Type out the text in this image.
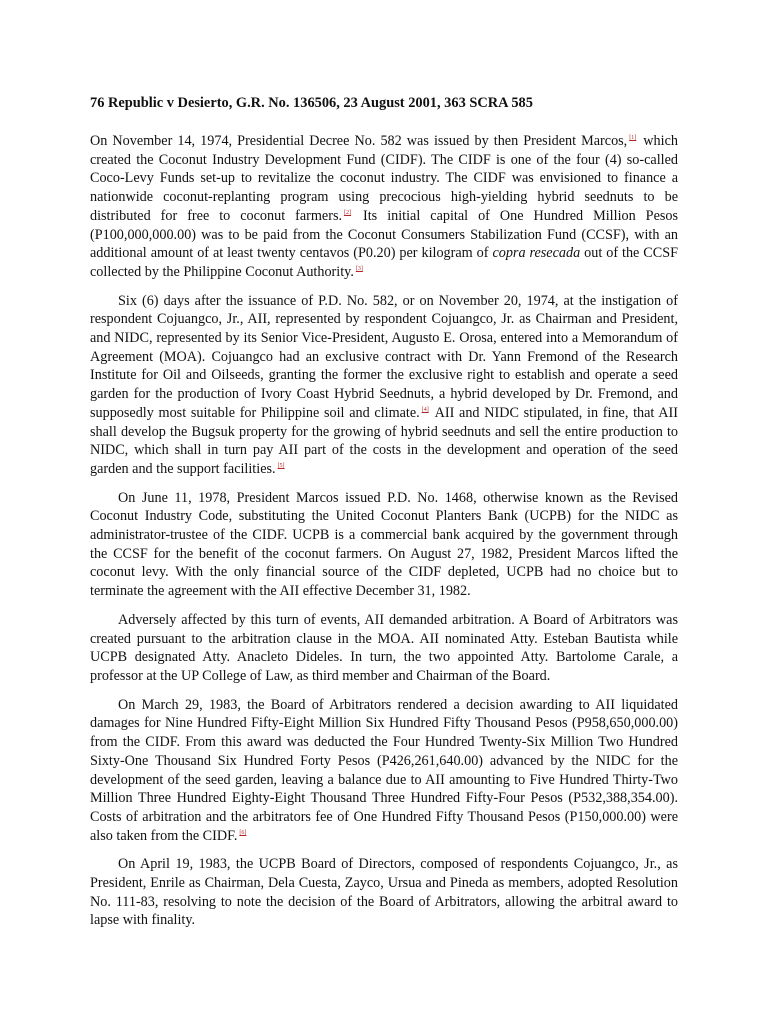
76 Republic v Desierto, G.R. No. 136506, 23 August 2001, 363 SCRA 585

On November 14, 1974, Presidential Decree No. 582 was issued by then President Marcos, [1] which created the Coconut Industry Development Fund (CIDF). The CIDF is one of the four (4) so-called Coco-Levy Funds set-up to revitalize the coconut industry. The CIDF was envisioned to finance a nationwide coconut-replanting program using precocious high-yielding hybrid seednuts to be distributed for free to coconut farmers. [2] Its initial capital of One Hundred Million Pesos (P100,000,000.00) was to be paid from the Coconut Consumers Stabilization Fund (CCSF), with an additional amount of at least twenty centavos (P0.20) per kilogram of copra resecada out of the CCSF collected by the Philippine Coconut Authority. [3]

Six (6) days after the issuance of P.D. No. 582, or on November 20, 1974, at the instigation of respondent Cojuangco, Jr., AII, represented by respondent Cojuangco, Jr. as Chairman and President, and NIDC, represented by its Senior Vice-President, Augusto E. Orosa, entered into a Memorandum of Agreement (MOA). Cojuangco had an exclusive contract with Dr. Yann Fremond of the Research Institute for Oil and Oilseeds, granting the former the exclusive right to establish and operate a seed garden for the production of Ivory Coast Hybrid Seednuts, a hybrid developed by Dr. Fremond, and supposedly most suitable for Philippine soil and climate. [4] AII and NIDC stipulated, in fine, that AII shall develop the Bugsuk property for the growing of hybrid seednuts and sell the entire production to NIDC, which shall in turn pay AII part of the costs in the development and operation of the seed garden and the support facilities. [5]

On June 11, 1978, President Marcos issued P.D. No. 1468, otherwise known as the Revised Coconut Industry Code, substituting the United Coconut Planters Bank (UCPB) for the NIDC as administrator-trustee of the CIDF. UCPB is a commercial bank acquired by the government through the CCSF for the benefit of the coconut farmers. On August 27, 1982, President Marcos lifted the coconut levy. With the only financial source of the CIDF depleted, UCPB had no choice but to terminate the agreement with the AII effective December 31, 1982.

Adversely affected by this turn of events, AII demanded arbitration. A Board of Arbitrators was created pursuant to the arbitration clause in the MOA. AII nominated Atty. Esteban Bautista while UCPB designated Atty. Anacleto Dideles. In turn, the two appointed Atty. Bartolome Carale, a professor at the UP College of Law, as third member and Chairman of the Board.

On March 29, 1983, the Board of Arbitrators rendered a decision awarding to AII liquidated damages for Nine Hundred Fifty-Eight Million Six Hundred Fifty Thousand Pesos (P958,650,000.00) from the CIDF. From this award was deducted the Four Hundred Twenty-Six Million Two Hundred Sixty-One Thousand Six Hundred Forty Pesos (P426,261,640.00) advanced by the NIDC for the development of the seed garden, leaving a balance due to AII amounting to Five Hundred Thirty-Two Million Three Hundred Eighty-Eight Thousand Three Hundred Fifty-Four Pesos (P532,388,354.00). Costs of arbitration and the arbitrators fee of One Hundred Fifty Thousand Pesos (P150,000.00) were also taken from the CIDF. [6]

On April 19, 1983, the UCPB Board of Directors, composed of respondents Cojuangco, Jr., as President, Enrile as Chairman, Dela Cuesta, Zayco, Ursua and Pineda as members, adopted Resolution No. 111-83, resolving to note the decision of the Board of Arbitrators, allowing the arbitral award to lapse with finality.
